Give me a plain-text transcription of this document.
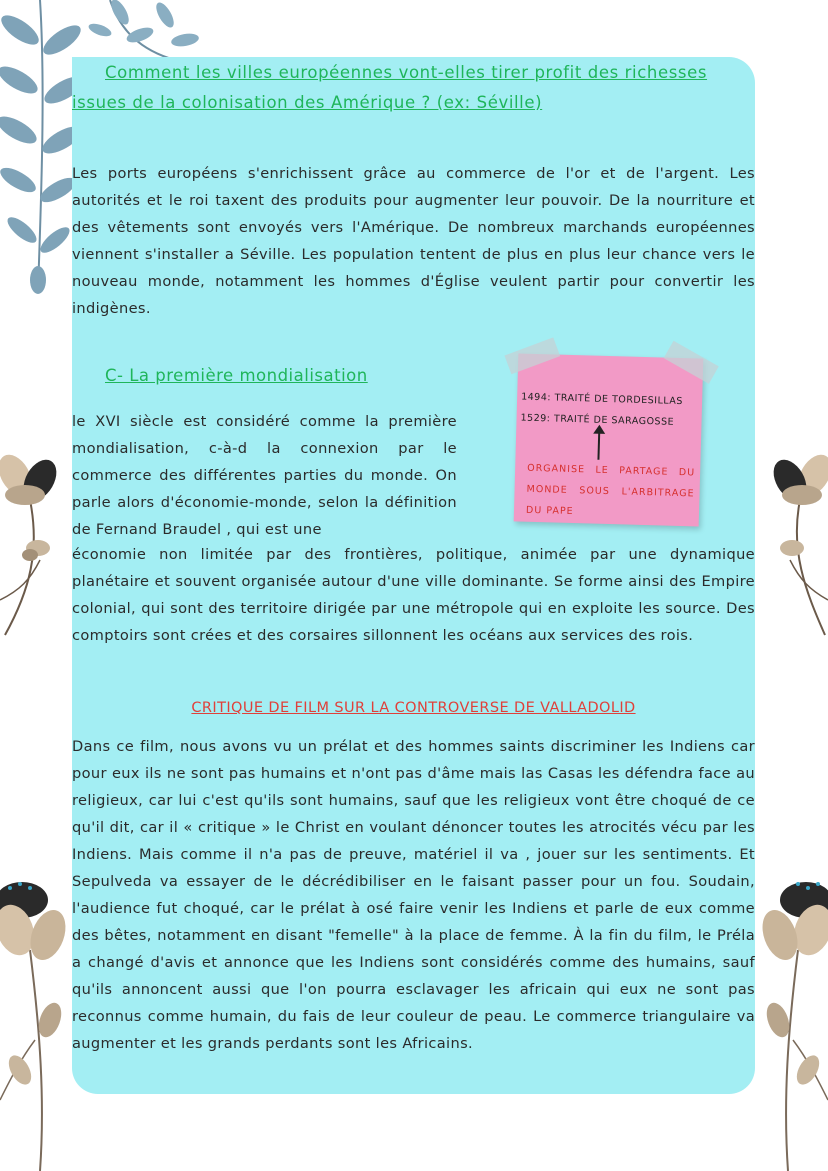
Comment les villes européennes vont-elles tirer profit des richesses
issues de la colonisation des Amérique ? (ex: Séville)

Les ports européens s'enrichissent grâce au commerce de l'or et de l'argent. Les autorités et le roi taxent des produits pour augmenter leur pouvoir. De la nourriture et des vêtements sont envoyés vers l'Amérique. De nombreux marchands européennes viennent s'installer a Séville. Les population tentent de plus en plus leur chance vers le nouveau monde, notamment les hommes d'Église veulent partir pour convertir les indigènes.

C- La première mondialisation

le XVI siècle est considéré comme la première mondialisation, c-à-d la connexion par le commerce des différentes parties du monde. On parle alors d'économie-monde, selon la définition de Fernand Braudel , qui est une

économie non limitée par des frontières, politique, animée par une dynamique planétaire et souvent organisée autour d'une ville dominante. Se forme ainsi des Empire colonial, qui sont des territoire dirigée par une métropole qui en exploite les source. Des comptoirs sont crées et des corsaires sillonnent les océans aux services des rois.

1494: TRAITÉ DE TORDESILLAS
1529: TRAITÉ DE SARAGOSSE
ORGANISE LE PARTAGE DU MONDE SOUS L'ARBITRAGE DU PAPE
CRITIQUE DE FILM SUR LA CONTROVERSE DE VALLADOLID

Dans ce film, nous avons vu un prélat et des hommes saints discriminer les Indiens car pour eux ils ne sont pas humains et n'ont pas d'âme mais las Casas les défendra face au religieux, car lui c'est qu'ils sont humains, sauf que les religieux vont être choqué de ce qu'il dit, car il « critique » le Christ en voulant dénoncer toutes les atrocités vécu par les Indiens. Mais comme il n'a pas de preuve, matériel il va , jouer sur les sentiments. Et Sepulveda va essayer de le décrédibiliser en le faisant passer pour un fou. Soudain, l'audience fut choqué, car le prélat à osé faire venir les Indiens et parle de eux comme des bêtes, notamment en disant "femelle" à la place de femme. À la fin du film, le Préla a changé d'avis et annonce que les Indiens sont considérés comme des humains, sauf qu'ils annoncent aussi que l'on pourra esclavager les africain qui eux ne sont pas reconnus comme humain, du fais de leur couleur de peau. Le commerce triangulaire va augmenter et les grands perdants sont les Africains.
